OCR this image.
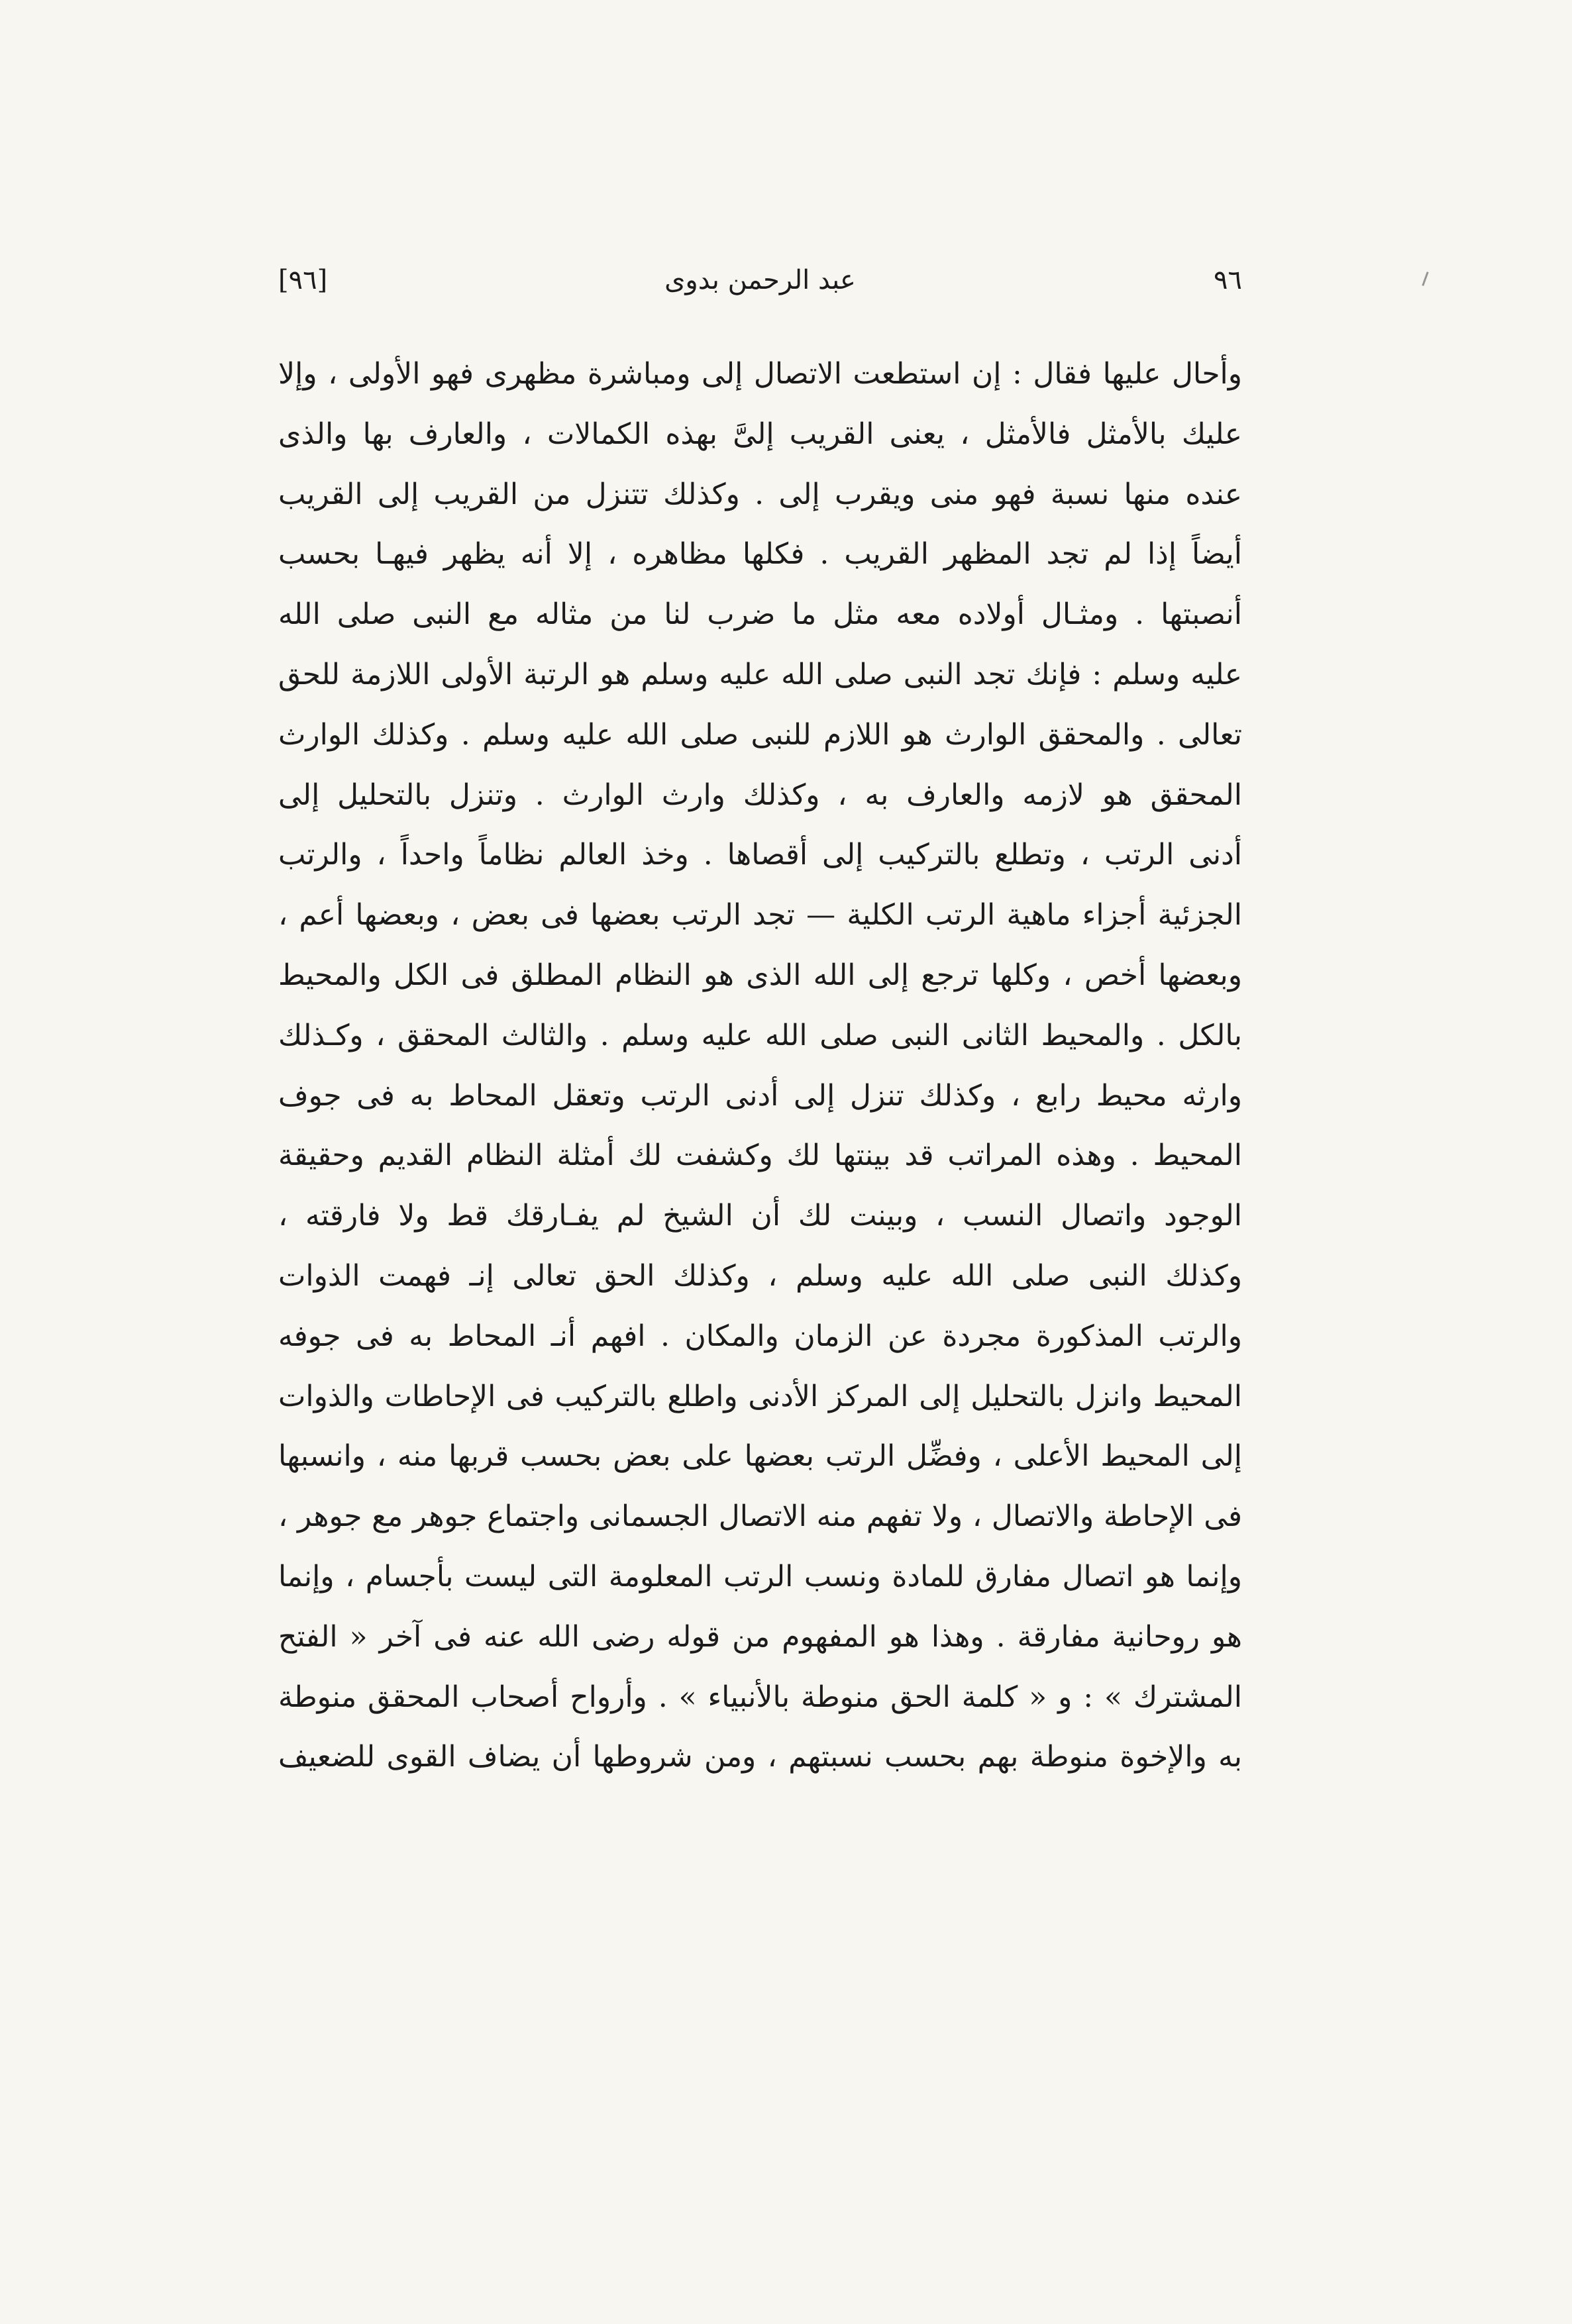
٩٦
عبد الرحمن بدوى
[٩٦]
وأحال عليها فقال : إن استطعت الاتصال إلى ومباشرة مظهرى فهو الأولى ، وإلا
عليك بالأمثل فالأمثل ، يعنى القريب إلىَّ بهذه الكمالات ، والعارف بها والذى
عنده منها نسبة فهو منى ويقرب إلى . وكذلك تتنزل من القريب إلى القريب
أيضاً إذا لم تجد المظهر القريب . فكلها مظاهره ، إلا أنه يظهر فيهـا بحسب
أنصبتها . ومثـال أولاده معه مثل ما ضرب لنا من مثاله مع النبى صلى الله
عليه وسلم : فإنك تجد النبى صلى الله عليه وسلم هو الرتبة الأولى اللازمة للحق
تعالى . والمحقق الوارث هو اللازم للنبى صلى الله عليه وسلم . وكذلك الوارث
المحقق هو لازمه والعارف به ، وكذلك وارث الوارث . وتنزل بالتحليل إلى
أدنى الرتب ، وتطلع بالتركيب إلى أقصاها . وخذ العالم نظاماً واحداً ، والرتب
الجزئية أجزاء ماهية الرتب الكلية — تجد الرتب بعضها فى بعض ، وبعضها أعم ،
وبعضها أخص ، وكلها ترجع إلى الله الذى هو النظام المطلق فى الكل والمحيط
بالكل . والمحيط الثانى النبى صلى الله عليه وسلم . والثالث المحقق ، وكـذلك
وارثه محيط رابع ، وكذلك تنزل إلى أدنى الرتب وتعقل المحاط به فى جوف
المحيط . وهذه المراتب قد بينتها لك وكشفت لك أمثلة النظام القديم وحقيقة
الوجود واتصال النسب ، وبينت لك أن الشيخ لم يفـارقك قط ولا فارقته ،
وكذلك النبى صلى الله عليه وسلم ، وكذلك الحق تعالى إنـ فهمت الذوات
والرتب المذكورة مجردة عن الزمان والمكان . افهم أنـ المحاط به فى جوفه
المحيط وانزل بالتحليل إلى المركز الأدنى واطلع بالتركيب فى الإحاطات والذوات
إلى المحيط الأعلى ، وفضِّل الرتب بعضها على بعض بحسب قربها منه ، وانسبها
فى الإحاطة والاتصال ، ولا تفهم منه الاتصال الجسمانى واجتماع جوهر مع جوهر ،
وإنما هو اتصال مفارق للمادة ونسب الرتب المعلومة التى ليست بأجسام ، وإنما
هو روحانية مفارقة . وهذا هو المفهوم من قوله رضى الله عنه فى آخر « الفتح
المشترك » : و « كلمة الحق منوطة بالأنبياء » . وأرواح أصحاب المحقق منوطة
به والإخوة منوطة بهم بحسب نسبتهم ، ومن شروطها أن يضاف القوى للضعيف
